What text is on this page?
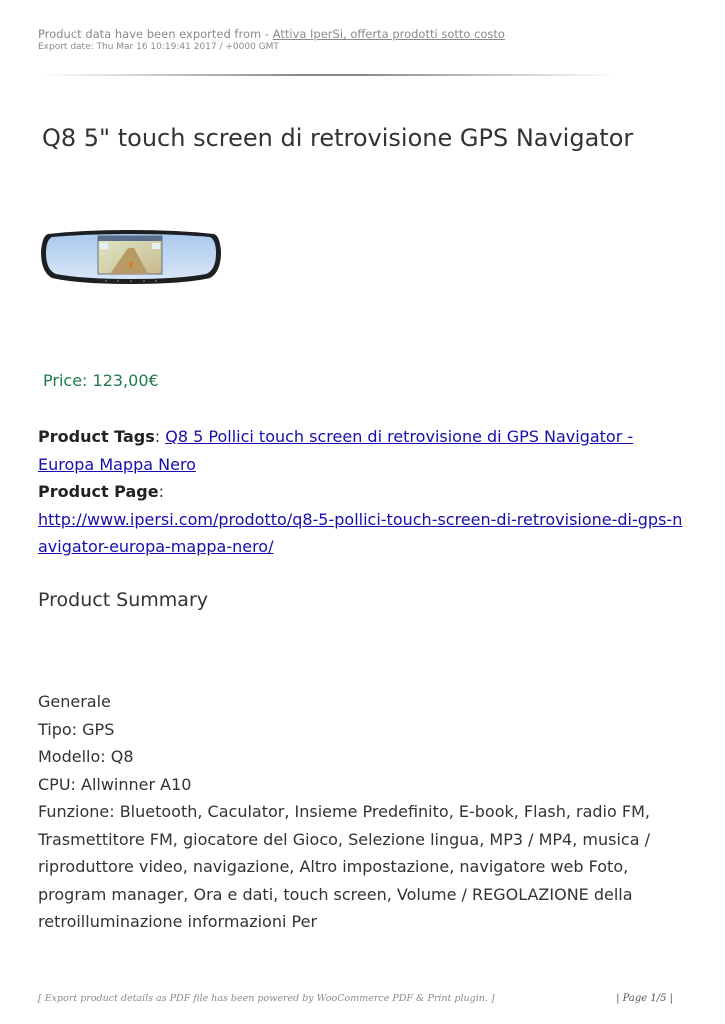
Product data have been exported from - Attiva IperSi, offerta prodotti sotto costo
Export date: Thu Mar 16 10:19:41 2017 / +0000 GMT
Q8 5" touch screen di retrovisione GPS Navigator
Price: 123,00€
Product Tags: Q8 5 Pollici touch screen di retrovisione di GPS Navigator - Europa Mappa Nero
Product Page:
http://www.ipersi.com/prodotto/q8-5-pollici-touch-screen-di-retrovisione-di-gps-navigator-europa-mappa-nero/
Product Summary
Generale
Tipo: GPS
Modello: Q8
CPU: Allwinner A10
Funzione: Bluetooth, Caculator, Insieme Predefinito, E-book, Flash, radio FM, Trasmettitore FM, giocatore del Gioco, Selezione lingua, MP3 / MP4, musica / riproduttore video, navigazione, Altro impostazione, navigatore web Foto, program manager, Ora e dati, touch screen, Volume / REGOLAZIONE della retroilluminazione informazioni Per
[ Export product details as PDF file has been powered by WooCommerce PDF & Print plugin. ]	| Page 1/5 |
